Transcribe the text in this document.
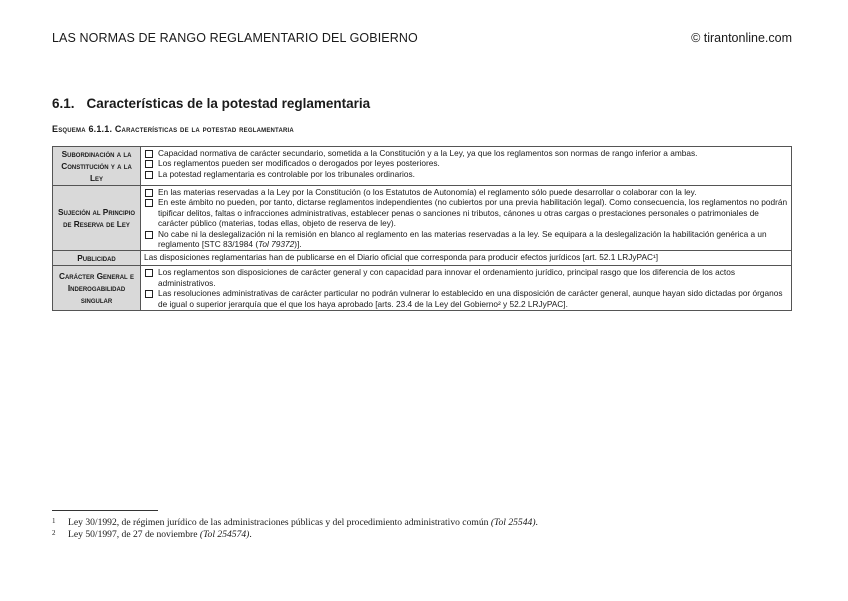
LAS NORMAS DE RANGO REGLAMENTARIO DEL GOBIERNO	© tirantonline.com
6.1. Características de la potestad reglamentaria
Esquema 6.1.1. Características de la potestad reglamentaria
Subordinación a la Constitución y a la Ley	Capacidad normativa de carácter secundario, sometida a la Constitución y a la Ley, ya que los reglamentos son normas de rango inferior a ambas.
Los reglamentos pueden ser modificados o derogados por leyes posteriores.
La potestad reglamentaria es controlable por los tribunales ordinarios.

Sujeción al Principio de Reserva de Ley	En las materias reservadas a la Ley por la Constitución (o los Estatutos de Autonomía) el reglamento sólo puede desarrollar o colaborar con la ley.
En este ámbito no pueden, por tanto, dictarse reglamentos independientes (no cubiertos por una previa habilitación legal). Como consecuencia, los reglamentos no podrán tipificar delitos, faltas o infracciones administrativas, establecer penas o sanciones ni tributos, cánones u otras cargas o prestaciones personales o patrimoniales de carácter público (materias, todas ellas, objeto de reserva de ley).
No cabe ni la deslegalización ni la remisión en blanco al reglamento en las materias reservadas a la ley. Se equipara a la deslegalización la habilitación genérica a un reglamento [STC 83/1984 (Tol 79372)].

Publicidad	Las disposiciones reglamentarias han de publicarse en el Diario oficial que corresponda para producir efectos jurídicos [art. 52.1 LRJyPAC¹]
Carácter General e Inderogabilidad singular	Los reglamentos son disposiciones de carácter general y con capacidad para innovar el ordenamiento jurídico, principal rasgo que los diferencia de los actos administrativos.
Las resoluciones administrativas de carácter particular no podrán vulnerar lo establecido en una disposición de carácter general, aunque hayan sido dictadas por órganos de igual o superior jerarquía que el que los haya aprobado [arts. 23.4 de la Ley del Gobierno² y 52.2 LRJyPAC].
1 Ley 30/1992, de régimen jurídico de las administraciones públicas y del procedimiento administrativo común (Tol 25544).
2 Ley 50/1997, de 27 de noviembre (Tol 254574).
